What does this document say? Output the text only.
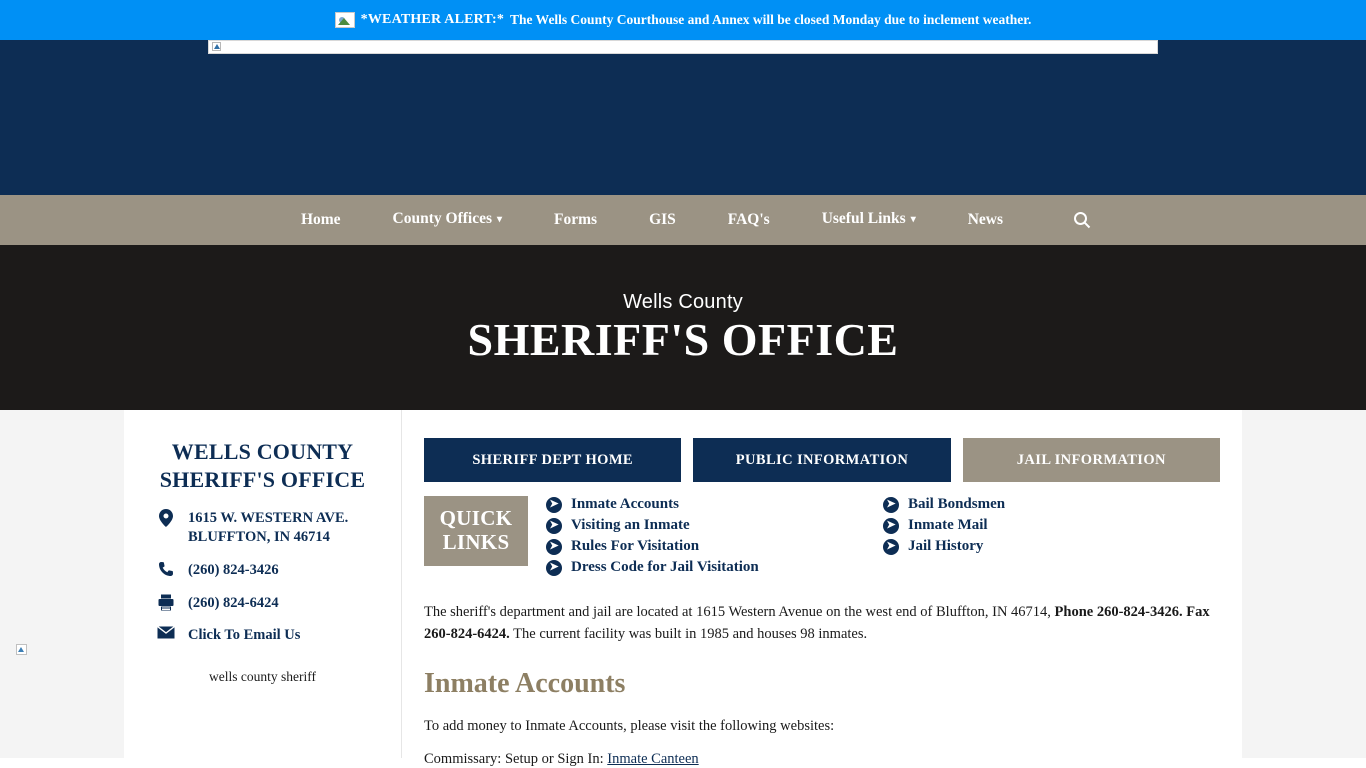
*WEATHER ALERT:* The Wells County Courthouse and Annex will be closed Monday due to inclement weather.
Home	County Offices ▾	Forms	GIS	FAQ's	Useful Links ▾	News
Wells County
SHERIFF'S OFFICE
WELLS COUNTY SHERIFF'S OFFICE
1615 W. WESTERN AVE.
BLUFFTON, IN 46714
(260) 824-3426
(260) 824-6424
Click To Email Us
wells county sheriff
SHERIFF DEPT HOME	PUBLIC INFORMATION	JAIL INFORMATION
QUICK
LINKS
➤ Inmate Accounts
➤ Visiting an Inmate
➤ Rules For Visitation
➤ Dress Code for Jail Visitation
➤ Bail Bondsmen
➤ Inmate Mail
➤ Jail History

The sheriff's department and jail are located at 1615 Western Avenue on the west end of Bluffton, IN 46714, Phone 260-824-3426. Fax 260-824-6424. The current facility was built in 1985 and houses 98 inmates.

Inmate Accounts

To add money to Inmate Accounts, please visit the following websites:

Commissary: Setup or Sign In: Inmate Canteen
